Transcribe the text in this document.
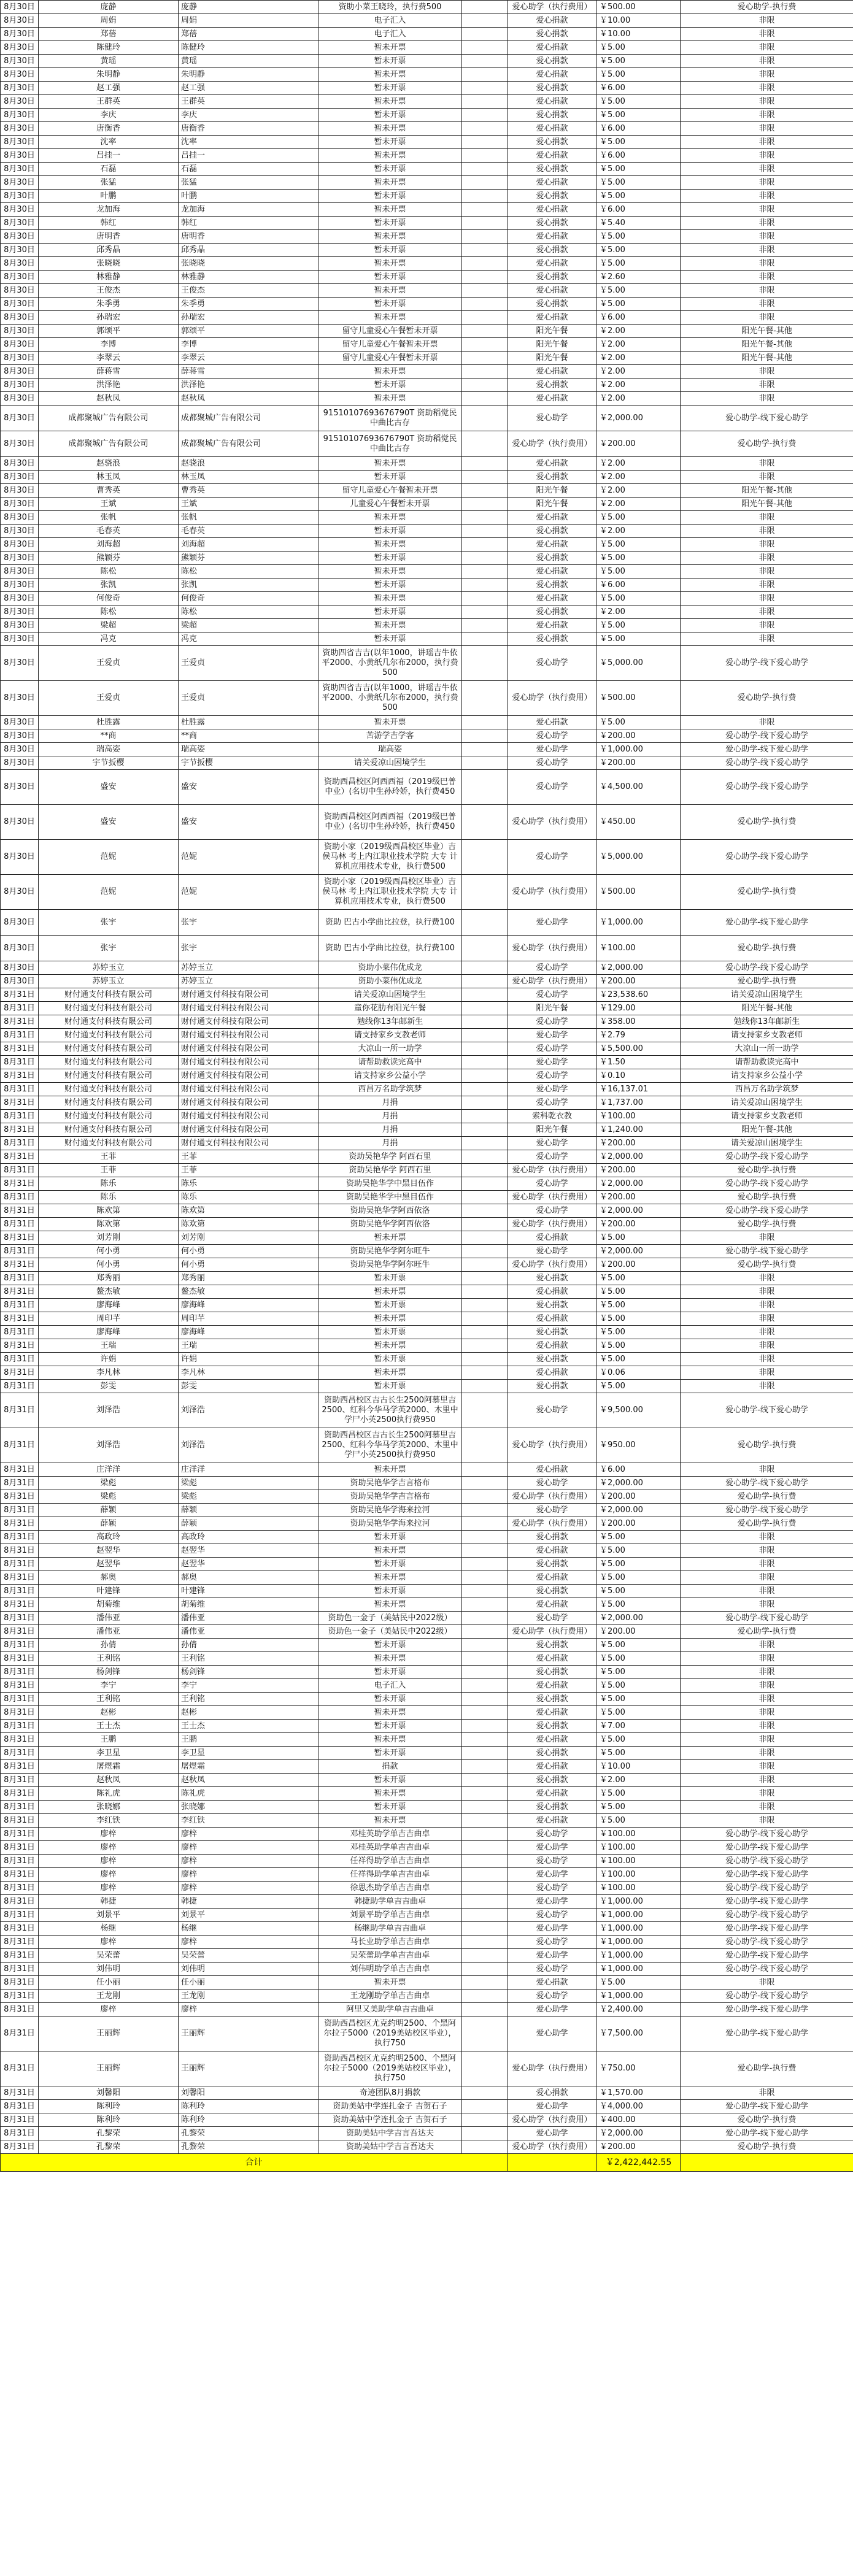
8月30日	庞静	庞静	资助小菜王晓玲，执行费500		爱心助学（执行费用）	￥500.00	爱心助学-执行费
8月30日	周娟	周娟	电子汇入		爱心捐款	￥10.00	非限
8月30日	郑蓓	郑蓓	电子汇入		爱心捐款	￥10.00	非限
8月30日	陈健玲	陈健玲	暂未开票		爱心捐款	￥5.00	非限
8月30日	黄瑶	黄瑶	暂未开票		爱心捐款	￥5.00	非限
8月30日	朱明静	朱明静	暂未开票		爱心捐款	￥5.00	非限
8月30日	赵工强	赵工强	暂未开票		爱心捐款	￥6.00	非限
8月30日	王群英	王群英	暂未开票		爱心捐款	￥5.00	非限
8月30日	李庆	李庆	暂未开票		爱心捐款	￥5.00	非限
8月30日	唐衡香	唐衡香	暂未开票		爱心捐款	￥6.00	非限
8月30日	沈率	沈率	暂未开票		爱心捐款	￥5.00	非限
8月30日	吕挂一	吕挂一	暂未开票		爱心捐款	￥6.00	非限
8月30日	石磊	石磊	暂未开票		爱心捐款	￥5.00	非限
8月30日	张猛	张猛	暂未开票		爱心捐款	￥5.00	非限
8月30日	叶鹏	叶鹏	暂未开票		爱心捐款	￥5.00	非限
8月30日	龙加海	龙加海	暂未开票		爱心捐款	￥6.00	非限
8月30日	韩红	韩红	暂未开票		爱心捐款	￥5.40	非限
8月30日	唐明香	唐明香	暂未开票		爱心捐款	￥5.00	非限
8月30日	邱秀晶	邱秀晶	暂未开票		爱心捐款	￥5.00	非限
8月30日	张晓晓	张晓晓	暂未开票		爱心捐款	￥5.00	非限
8月30日	林雅静	林雅静	暂未开票		爱心捐款	￥2.60	非限
8月30日	王俊杰	王俊杰	暂未开票		爱心捐款	￥5.00	非限
8月30日	朱季勇	朱季勇	暂未开票		爱心捐款	￥5.00	非限
8月30日	孙瑞宏	孙瑞宏	暂未开票		爱心捐款	￥6.00	非限
8月30日	郭颂平	郭颂平	留守儿童爱心午餐暂未开票		阳光午餐	￥2.00	阳光午餐-其他
8月30日	李博	李博	留守儿童爱心午餐暂未开票		阳光午餐	￥2.00	阳光午餐-其他
8月30日	李翠云	李翠云	留守儿童爱心午餐暂未开票		阳光午餐	￥2.00	阳光午餐-其他
8月30日	薛蒋雪	薛蒋雪	暂未开票		爱心捐款	￥2.00	非限
8月30日	洪泽艳	洪泽艳	暂未开票		爱心捐款	￥2.00	非限
8月30日	赵秋凤	赵秋凤	暂未开票		爱心捐款	￥2.00	非限
8月30日	成都聚城广告有限公司	成都聚城广告有限公司	91510107693676790T 资助稻觉民中曲比古存		爱心助学	￥2,000.00	爱心助学-线下爱心助学
8月30日	成都聚城广告有限公司	成都聚城广告有限公司	91510107693676790T 资助稻觉民中曲比古存		爱心助学（执行费用）	￥200.00	爱心助学-执行费
8月30日	赵骁浪	赵骁浪	暂未开票		爱心捐款	￥2.00	非限
8月30日	林玉凤	林玉凤	暂未开票		爱心捐款	￥2.00	非限
8月30日	曹秀英	曹秀英	留守儿童爱心午餐暂未开票		阳光午餐	￥2.00	阳光午餐-其他
8月30日	王斌	王斌	儿童爱心午餐暂未开票		阳光午餐	￥2.00	阳光午餐-其他
8月30日	张帆	张帆	暂未开票		爱心捐款	￥5.00	非限
8月30日	毛春英	毛春英	暂未开票		爱心捐款	￥2.00	非限
8月30日	刘海超	刘海超	暂未开票		爱心捐款	￥5.00	非限
8月30日	熊颖芬	熊颖芬	暂未开票		爱心捐款	￥5.00	非限
8月30日	陈松	陈松	暂未开票		爱心捐款	￥5.00	非限
8月30日	张凯	张凯	暂未开票		爱心捐款	￥6.00	非限
8月30日	何俊奇	何俊奇	暂未开票		爱心捐款	￥5.00	非限
8月30日	陈松	陈松	暂未开票		爱心捐款	￥2.00	非限
8月30日	梁超	梁超	暂未开票		爱心捐款	￥5.00	非限
8月30日	冯克	冯克	暂未开票		爱心捐款	￥5.00	非限
8月30日	王爱贞	王爱贞	资助四省吉吉(以年1000，讲瑶吉牛依平2000、小黄纸几尔布2000，执行费500		爱心助学	￥5,000.00	爱心助学-线下爱心助学
8月30日	王爱贞	王爱贞	资助四省吉吉(以年1000，讲瑶吉牛依平2000、小黄纸几尔布2000，执行费500		爱心助学（执行费用）	￥500.00	爱心助学-执行费
8月30日	杜胜露	杜胜露	暂未开票		爱心捐款	￥5.00	非限
8月30日	**商	**商	苦游学吉学客		爱心助学	￥200.00	爱心助学-线下爱心助学
8月30日	瑞高姿	瑞高姿	瑞高姿		爱心助学	￥1,000.00	爱心助学-线下爱心助学
8月30日	宇节扳樱	宇节扳樱	请关爱凉山困境学生		爱心助学	￥200.00	爱心助学-线下爱心助学
8月30日	盛安	盛安	资助西昌校区阿西西福（2019级巴普中业）(名切中生孙玲娇，执行费450		爱心助学	￥4,500.00	爱心助学-线下爱心助学
8月30日	盛安	盛安	资助西昌校区阿西西福（2019级巴普中业）(名切中生孙玲娇，执行费450		爱心助学（执行费用）	￥450.00	爱心助学-执行费
8月30日	范妮	范妮	资助小家（2019级西昌校区毕业）吉侯马林 考上内江职业技术学院 大专 计算机应用技术专业，执行费500		爱心助学	￥5,000.00	爱心助学-线下爱心助学
8月30日	范妮	范妮	资助小家（2019级西昌校区毕业）吉侯马林 考上内江职业技术学院 大专 计算机应用技术专业，执行费500		爱心助学（执行费用）	￥500.00	爱心助学-执行费
8月30日	张宇	张宇	资助 巴古小学曲比拉登，执行费100		爱心助学	￥1,000.00	爱心助学-线下爱心助学
8月30日	张宇	张宇	资助 巴古小学曲比拉登，执行费100		爱心助学（执行费用）	￥100.00	爱心助学-执行费
8月30日	苏婷玉立	苏婷玉立	资助小菜伟优成龙		爱心助学	￥2,000.00	爱心助学-线下爱心助学
8月30日	苏婷玉立	苏婷玉立	资助小菜伟优成龙		爱心助学（执行费用）	￥200.00	爱心助学-执行费
8月31日	财付通支付科技有限公司	财付通支付科技有限公司	请关爱凉山困境学生		爱心助学	￥23,538.60	请关爱凉山困境学生
8月31日	财付通支付科技有限公司	财付通支付科技有限公司	童你花肋有阳光午餐		阳光午餐	￥129.00	阳光午餐-其他
8月31日	财付通支付科技有限公司	财付通支付科技有限公司	勉线你13年邮新生		爱心助学	￥358.00	勉线你13年邮新生
8月31日	财付通支付科技有限公司	财付通支付科技有限公司	请支持家乡支教老师		爱心助学	￥2.79	请支持家乡支教老师
8月31日	财付通支付科技有限公司	财付通支付科技有限公司	大凉山一所一助学		爱心助学	￥5,500.00	大凉山一所一助学
8月31日	财付通支付科技有限公司	财付通支付科技有限公司	请帮助救读完高中		爱心助学	￥1.50	请帮助救读完高中
8月31日	财付通支付科技有限公司	财付通支付科技有限公司	请支持家乡公益小学		爱心助学	￥0.10	请支持家乡公益小学
8月31日	财付通支付科技有限公司	财付通支付科技有限公司	西昌万名助学筑梦		爱心助学	￥16,137.01	西昌万名助学筑梦
8月31日	财付通支付科技有限公司	财付通支付科技有限公司	月捐		爱心助学	￥1,737.00	请关爱凉山困境学生
8月31日	财付通支付科技有限公司	财付通支付科技有限公司	月捐		索科乾衣教	￥100.00	请支持家乡支教老师
8月31日	财付通支付科技有限公司	财付通支付科技有限公司	月捐		阳光午餐	￥1,240.00	阳光午餐-其他
8月31日	财付通支付科技有限公司	财付通支付科技有限公司	月捐		爱心助学	￥200.00	请关爱凉山困境学生
8月31日	王菲	王菲	资助吴艳华学 阿西石里		爱心助学	￥2,000.00	爱心助学-线下爱心助学
8月31日	王菲	王菲	资助吴艳华学 阿西石里		爱心助学（执行费用）	￥200.00	爱心助学-执行费
8月31日	陈乐	陈乐	资助吴艳华学中黑目伍作		爱心助学	￥2,000.00	爱心助学-线下爱心助学
8月31日	陈乐	陈乐	资助吴艳华学中黑目伍作		爱心助学（执行费用）	￥200.00	爱心助学-执行费
8月31日	陈欢第	陈欢第	资助吴艳华学阿西依洛		爱心助学	￥2,000.00	爱心助学-线下爱心助学
8月31日	陈欢第	陈欢第	资助吴艳华学阿西依洛		爱心助学（执行费用）	￥200.00	爱心助学-执行费
8月31日	刘芳刚	刘芳刚	暂未开票		爱心捐款	￥5.00	非限
8月31日	何小勇	何小勇	资助吴艳华学阿尔旺牛		爱心助学	￥2,000.00	爱心助学-线下爱心助学
8月31日	何小勇	何小勇	资助吴艳华学阿尔旺牛		爱心助学（执行费用）	￥200.00	爱心助学-执行费
8月31日	郑秀丽	郑秀丽	暂未开票		爱心捐款	￥5.00	非限
8月31日	鳌杰敏	鳌杰敏	暂未开票		爱心捐款	￥5.00	非限
8月31日	廖海峰	廖海峰	暂未开票		爱心捐款	￥5.00	非限
8月31日	周印芊	周印芊	暂未开票		爱心捐款	￥5.00	非限
8月31日	廖海峰	廖海峰	暂未开票		爱心捐款	￥5.00	非限
8月31日	王瑞	王瑞	暂未开票		爱心捐款	￥5.00	非限
8月31日	许娟	许娟	暂未开票		爱心捐款	￥5.00	非限
8月31日	李凡林	李凡林	暂未开票		爱心捐款	￥0.06	非限
8月31日	彭雯	彭雯	暂未开票		爱心捐款	￥5.00	非限
8月31日	刘泽浩	刘泽浩	资助西昌校区吉古长生2500阿慕里吉2500、红科今华马学英2000、木里中学尸小英2500执行费950		爱心助学	￥9,500.00	爱心助学-线下爱心助学
8月31日	刘泽浩	刘泽浩	资助西昌校区吉古长生2500阿慕里吉2500、红科今华马学英2000、木里中学尸小英2500执行费950		爱心助学（执行费用）	￥950.00	爱心助学-执行费
8月31日	庄洋洋	庄洋洋	暂未开票		爱心捐款	￥6.00	非限
8月31日	梁彪	梁彪	资助吴艳华学吉言格布		爱心助学	￥2,000.00	爱心助学-线下爱心助学
8月31日	梁彪	梁彪	资助吴艳华学吉言格布		爱心助学（执行费用）	￥200.00	爱心助学-执行费
8月31日	薛颖	薛颖	资助吴艳华学海来拉河		爱心助学	￥2,000.00	爱心助学-线下爱心助学
8月31日	薛颖	薛颖	资助吴艳华学海来拉河		爱心助学（执行费用）	￥200.00	爱心助学-执行费
8月31日	高政玲	高政玲	暂未开票		爱心捐款	￥5.00	非限
8月31日	赵翌华	赵翌华	暂未开票		爱心捐款	￥5.00	非限
8月31日	赵翌华	赵翌华	暂未开票		爱心捐款	￥5.00	非限
8月31日	郝奥	郝奥	暂未开票		爱心捐款	￥5.00	非限
8月31日	叶建锋	叶建锋	暂未开票		爱心捐款	￥5.00	非限
8月31日	胡菊维	胡菊维	暂未开票		爱心捐款	￥5.00	非限
8月31日	潘伟亚	潘伟亚	资助色一金子（美姑民中2022级）		爱心助学	￥2,000.00	爱心助学-线下爱心助学
8月31日	潘伟亚	潘伟亚	资助色一金子（美姑民中2022级）		爱心助学（执行费用）	￥200.00	爱心助学-执行费
8月31日	孙倩	孙倩	暂未开票		爱心捐款	￥5.00	非限
8月31日	王利铭	王利铭	暂未开票		爱心捐款	￥5.00	非限
8月31日	杨剑锋	杨剑锋	暂未开票		爱心捐款	￥5.00	非限
8月31日	李宁	李宁	电子汇入		爱心捐款	￥5.00	非限
8月31日	王利铭	王利铭	暂未开票		爱心捐款	￥5.00	非限
8月31日	赵彬	赵彬	暂未开票		爱心捐款	￥5.00	非限
8月31日	王士杰	王士杰	暂未开票		爱心捐款	￥7.00	非限
8月31日	王鹏	王鹏	暂未开票		爱心捐款	￥5.00	非限
8月31日	李卫星	李卫星	暂未开票		爱心捐款	￥5.00	非限
8月31日	屠煜霜	屠煜霜	捐款		爱心捐款	￥10.00	非限
8月31日	赵秋凤	赵秋凤	暂未开票		爱心捐款	￥2.00	非限
8月31日	陈礼虎	陈礼虎	暂未开票		爱心捐款	￥5.00	非限
8月31日	张晓娜	张晓娜	暂未开票		爱心捐款	￥5.00	非限
8月31日	李红铁	李红铁	暂未开票		爱心捐款	￥5.00	非限
8月31日	廖梓	廖梓	邓桂英助学单吉吉曲卓		爱心助学	￥100.00	爱心助学-线下爱心助学
8月31日	廖梓	廖梓	邓桂英助学单吉吉曲卓		爱心助学	￥100.00	爱心助学-线下爱心助学
8月31日	廖梓	廖梓	任祥得助学单吉吉曲卓		爱心助学	￥100.00	爱心助学-线下爱心助学
8月31日	廖梓	廖梓	任祥得助学单吉吉曲卓		爱心助学	￥100.00	爱心助学-线下爱心助学
8月31日	廖梓	廖梓	徐思杰助学单吉吉曲卓		爱心助学	￥100.00	爱心助学-线下爱心助学
8月31日	韩捷	韩捷	韩捷助学单吉吉曲卓		爱心助学	￥1,000.00	爱心助学-线下爱心助学
8月31日	刘景平	刘景平	刘景平助学单吉吉曲卓		爱心助学	￥1,000.00	爱心助学-线下爱心助学
8月31日	杨继	杨继	杨继助学单吉吉曲卓		爱心助学	￥1,000.00	爱心助学-线下爱心助学
8月31日	廖梓	廖梓	马长业助学单吉吉曲卓		爱心助学	￥1,000.00	爱心助学-线下爱心助学
8月31日	吴荣蕾	吴荣蕾	吴荣蕾助学单吉吉曲卓		爱心助学	￥1,000.00	爱心助学-线下爱心助学
8月31日	刘伟明	刘伟明	刘伟明助学单吉吉曲卓		爱心助学	￥1,000.00	爱心助学-线下爱心助学
8月31日	任小丽	任小丽	暂未开票		爱心捐款	￥5.00	非限
8月31日	王龙刚	王龙刚	王龙刚助学单吉吉曲卓		爱心助学	￥1,000.00	爱心助学-线下爱心助学
8月31日	廖梓	廖梓	阿里又美助学单吉吉曲卓		爱心助学	￥2,400.00	爱心助学-线下爱心助学
8月31日	王丽辉	王丽辉	资助西昌校区尤克约明2500、个黑阿尔拉子5000（2019美姑校区毕业），执行750		爱心助学	￥7,500.00	爱心助学-线下爱心助学
8月31日	王丽辉	王丽辉	资助西昌校区尤克约明2500、个黑阿尔拉子5000（2019美姑校区毕业），执行750		爱心助学（执行费用）	￥750.00	爱心助学-执行费
8月31日	刘馨阳	刘馨阳	奇迹团队8月捐款		爱心捐款	￥1,570.00	非限
8月31日	陈利玲	陈利玲	资助美姑中学连扎金子 吉贺石子		爱心助学	￥4,000.00	爱心助学-线下爱心助学
8月31日	陈利玲	陈利玲	资助美姑中学连扎金子 吉贺石子		爱心助学（执行费用）	￥400.00	爱心助学-执行费
8月31日	孔黎荣	孔黎荣	资助美姑中学吉言吾达夫		爱心助学	￥2,000.00	爱心助学-线下爱心助学
8月31日	孔黎荣	孔黎荣	资助美姑中学吉言吾达夫		爱心助学（执行费用）	￥200.00	爱心助学-执行费
合计						￥2,422,442.55	
